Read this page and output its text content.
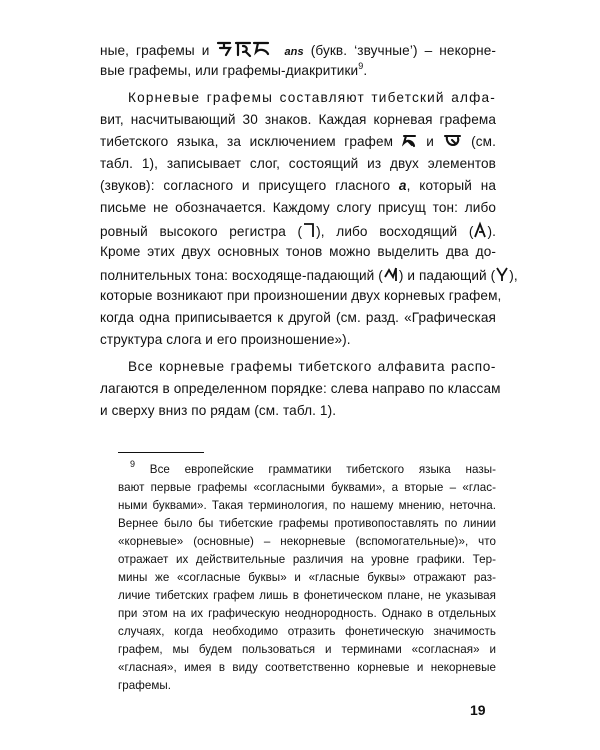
ные, графемы и	ans (букв. ‘звучные’) – некорне-
вые графемы, или графемы-диакритики$^9$.
Корневые графемы составляют тибетский алфа-
вит, насчитывающий 30 знаков. Каждая корневая графема
тибетского языка, за исключением графем  и  (см.
табл. 1), записывает слог, состоящий из двух элементов
(звуков): согласного и присущего гласного a, который на
письме не обозначается. Каждому слогу присущ тон: либо
ровный высокого регистра ( ), либо восходящий ( ).
Кроме этих двух основных тонов можно выделить два до-
полнительных тона: восходяще-падающий ( ) и падающий ( ),
которые возникают при произношении двух корневых графем,
когда одна приписывается к другой (см. разд. «Графическая
структура слога и его произношение»).
Все корневые графемы тибетского алфавита распо-
лагаются в определенном порядке: слева направо по классам
и сверху вниз по рядам (см. табл. 1).
$^9$ Все европейские грамматики тибетского языка назы-
вают первые графемы «согласными буквами», а вторые – «глас-
ными буквами». Такая терминология, по нашему мнению, неточна.
Вернее было бы тибетские графемы противопоставлять по линии
«корневые» (основные) – некорневые (вспомогательные)», что
отражает их действительные различия на уровне графики. Тер-
мины же «согласные буквы» и «гласные буквы» отражают раз-
личие тибетских графем лишь в фонетическом плане, не указывая
при этом на их графическую неоднородность. Однако в отдельных
случаях, когда необходимо отразить фонетическую значимость
графем, мы будем пользоваться и терминами «согласная» и
«гласная», имея в виду соответственно корневые и некорневые
графемы.
19
